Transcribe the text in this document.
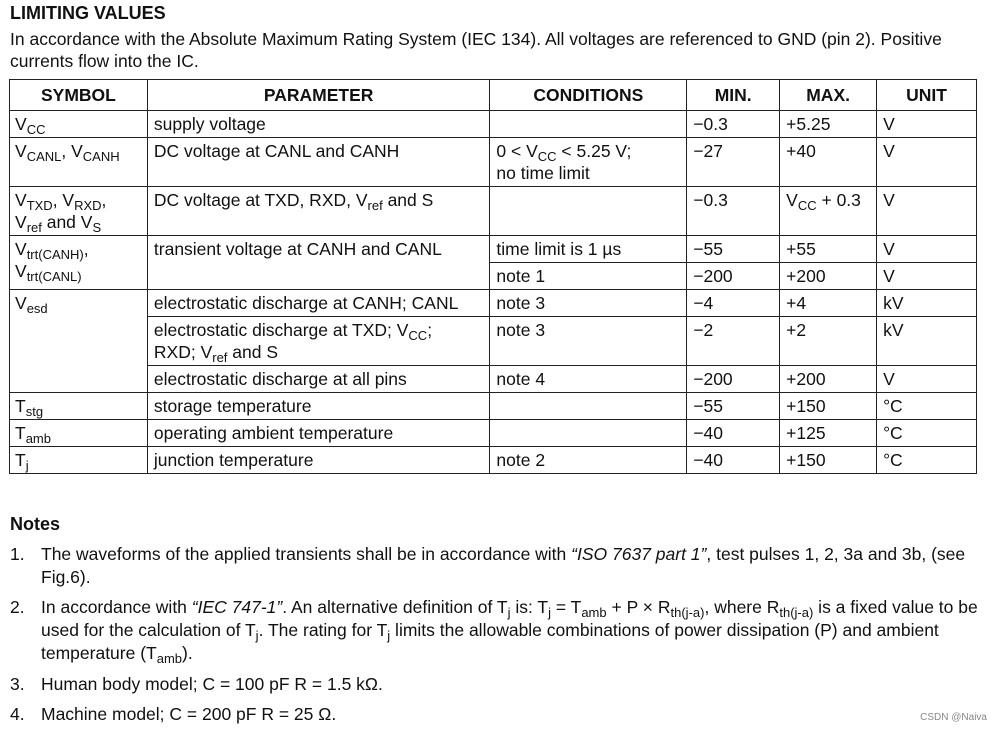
LIMITING VALUES
In accordance with the Absolute Maximum Rating System (IEC 134). All voltages are referenced to GND (pin 2). Positive currents flow into the IC.
SYMBOL	PARAMETER	CONDITIONS	MIN.	MAX.	UNIT
$V_{CC}$	supply voltage		−0.3	+5.25	V
$V_{CANL}$, $V_{CANH}$	DC voltage at CANL and CANH	$0 < V_{CC} < 5.25$ V;
no time limit	−27	+40	V
$V_{TXD}$, $V_{RXD}$,
$V_{ref}$ and $V_S$	DC voltage at TXD, RXD, $V_{ref}$ and S		−0.3	$V_{CC} + 0.3$	V
$V_{trt(CANH)}$,
$V_{trt(CANL)}$	transient voltage at CANH and CANL	time limit is 1 µs	−55	+55	V
		note 1	−200	+200	V
$V_{esd}$	electrostatic discharge at CANH; CANL	note 3	−4	+4	kV
	electrostatic discharge at TXD; $V_{CC}$;
RXD; $V_{ref}$ and S	note 3	−2	+2	kV
	electrostatic discharge at all pins	note 4	−200	+200	V
$T_{stg}$	storage temperature		−55	+150	°C
$T_{amb}$	operating ambient temperature		−40	+125	°C
$T_j$	junction temperature	note 2	−40	+150	°C
Notes
1. The waveforms of the applied transients shall be in accordance with “ISO 7637 part 1”, test pulses 1, 2, 3a and 3b, (see Fig.6).
2. In accordance with “IEC 747-1”. An alternative definition of $T_j$ is: $T_j = T_{amb} + P \times R_{th(j-a)}$, where $R_{th(j-a)}$ is a fixed value to be used for the calculation of $T_j$. The rating for $T_j$ limits the allowable combinations of power dissipation (P) and ambient temperature $(T_{amb})$.
3. Human body model; C = 100 pF R = 1.5 kΩ.
4. Machine model; C = 200 pF R = 25 Ω.	CSDN @Naiva
